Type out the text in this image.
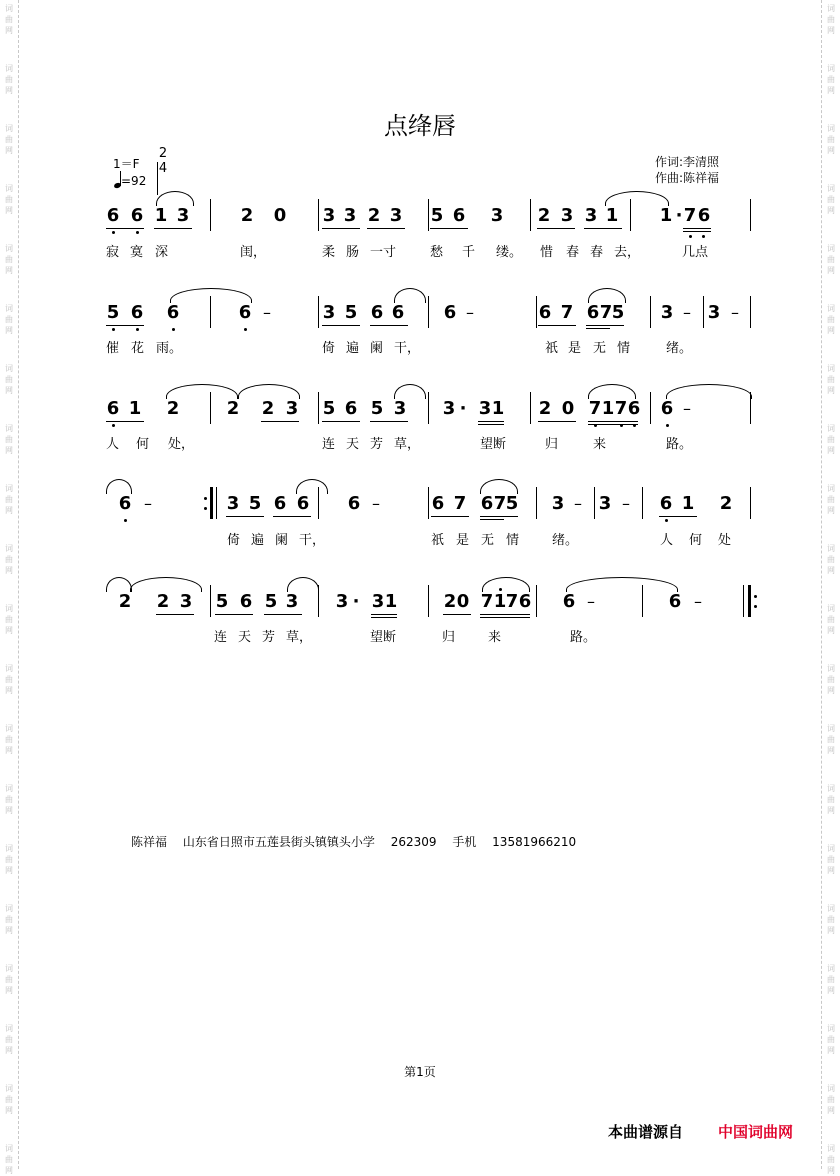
词
曲
网
词
曲
网
词
曲
网
词
曲
网
词
曲
网
词
曲
网
词
曲
网
词
曲
网
词
曲
网
词
曲
网
词
曲
网
词
曲
网
词
曲
网
词
曲
网
词
曲
网
词
曲
网
词
曲
网
词
曲
网
词
曲
网
词
曲
网
词
曲
网
词
曲
网
词
曲
网
词
曲
网
词
曲
网
词
曲
网
词
曲
网
词
曲
网
词
曲
网
词
曲
网
词
曲
网
词
曲
网
词
曲
网
词
曲
网
词
曲
网
词
曲
网
词
曲
网
词
曲
网
词
曲
网
词
曲
网
点绛唇
1＝F
2
4
=92
作词:李清照
作曲:陈祥福
6 6 1 3	2 0 3 3 2 3 5 6 3 2 3 3 1 1 · 7 6
寂 寞 深	闺，	柔 肠 一寸	愁 千 缕。 惜 春 春 去，	几点
5 6 6	6 –	3 5 6 6 6 –	6 7 6 7 5 3 – 3 –
催 花 雨。	倚 遍 阑 干，	祇 是 无 情	绪。
6 1 2	2 2 3 5 6 5 3 3 · 3 1 2 0 7 1 7 6 6 –
人 何 处，	连 天 芳 草，	望断	归	来	路。
6 –	3 5 6 6 6 –	6 7 6 7 5 3 – 3 – 6 1 2
倚 遍 阑 干，	祇 是 无 情	绪。	人 何 处
2 2 3 5 6 5 3 3 · 3 1	2 0 7 1 7 6 6 –	6 –
连 天 芳 草，	望断	归	来	路。
陈祥福 山东省日照市五莲县街头镇镇头小学 262309 手机 13581966210
第1页
本曲谱源自 中国词曲网
